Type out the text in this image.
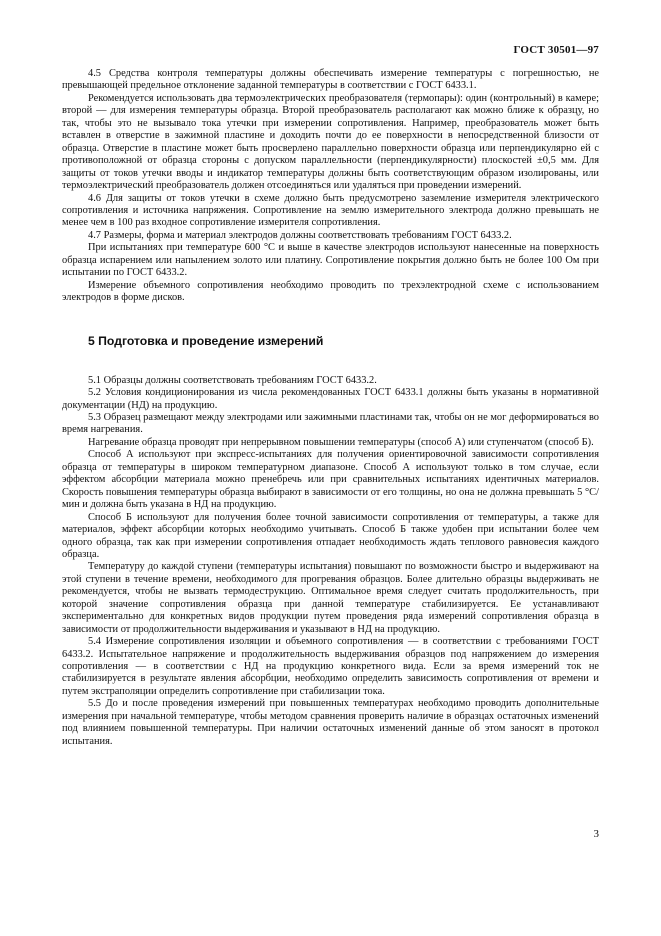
ГОСТ 30501—97

4.5 Средства контроля температуры должны обеспечивать измерение температуры с погрешностью, не превышающей предельное отклонение заданной температуры в соответствии с ГОСТ 6433.1.

Рекомендуется использовать два термоэлектрических преобразователя (термопары): один (контрольный) в камере; второй — для измерения температуры образца. Второй преобразователь располагают как можно ближе к образцу, но так, чтобы это не вызывало тока утечки при измерении сопротивления. Например, преобразователь может быть вставлен в отверстие в зажимной пластине и доходить почти до ее поверхности в непосредственной близости от образца. Отверстие в пластине может быть просверлено параллельно поверхности образца или перпендикулярно ей с противоположной от образца стороны с допуском параллельности (перпендикулярности) плоскостей ±0,5 мм. Для защиты от токов утечки вводы и индикатор температуры должны быть соответствующим образом изолированы, или термоэлектрический преобразователь должен отсоединяться или удаляться при проведении измерений.

4.6 Для защиты от токов утечки в схеме должно быть предусмотрено заземление измерителя электрического сопротивления и источника напряжения. Сопротивление на землю измерительного электрода должно превышать не менее чем в 100 раз входное сопротивление измерителя сопротивления.

4.7 Размеры, форма и материал электродов должны соответствовать требованиям ГОСТ 6433.2.

При испытаниях при температуре 600 °С и выше в качестве электродов используют нанесенные на поверхность образца испарением или напылением золото или платину. Сопротивление покрытия должно быть не более 100 Ом при испытании по ГОСТ 6433.2.

Измерение объемного сопротивления необходимо проводить по трехэлектродной схеме с использованием электродов в форме дисков.

5 Подготовка и проведение измерений

5.1 Образцы должны соответствовать требованиям ГОСТ 6433.2.

5.2 Условия кондиционирования из числа рекомендованных ГОСТ 6433.1 должны быть указаны в нормативной документации (НД) на продукцию.

5.3 Образец размещают между электродами или зажимными пластинами так, чтобы он не мог деформироваться во время нагревания.

Нагревание образца проводят при непрерывном повышении температуры (способ А) или ступенчатом (способ Б).

Способ А используют при экспресс-испытаниях для получения ориентировочной зависимости сопротивления образца от температуры в широком температурном диапазоне. Способ А используют только в том случае, если эффектом абсорбции материала можно пренебречь или при сравнительных испытаниях идентичных материалов. Скорость повышения температуры образца выбирают в зависимости от его толщины, но она не должна превышать 5 °С/мин и должна быть указана в НД на продукцию.

Способ Б используют для получения более точной зависимости сопротивления от температуры, а также для материалов, эффект абсорбции которых необходимо учитывать. Способ Б также удобен при испытании более чем одного образца, так как при измерении сопротивления отпадает необходимость ждать теплового равновесия каждого образца.

Температуру до каждой ступени (температуры испытания) повышают по возможности быстро и выдерживают на этой ступени в течение времени, необходимого для прогревания образцов. Более длительно образцы выдерживать не рекомендуется, чтобы не вызвать термодеструкцию. Оптимальное время следует считать продолжительность, при которой значение сопротивления образца при данной температуре стабилизируется. Ее устанавливают экспериментально для конкретных видов продукции путем проведения ряда измерений сопротивления образца в зависимости от продолжительности выдерживания и указывают в НД на продукцию.

5.4 Измерение сопротивления изоляции и объемного сопротивления — в соответствии с требованиями ГОСТ 6433.2. Испытательное напряжение и продолжительность выдерживания образцов под напряжением до измерения сопротивления — в соответствии с НД на продукцию конкретного вида. Если за время измерений ток не стабилизируется в результате явления абсорбции, необходимо определить зависимость сопротивления от времени и путем экстраполяции определить сопротивление при стабилизации тока.

5.5 До и после проведения измерений при повышенных температурах необходимо проводить дополнительные измерения при начальной температуре, чтобы методом сравнения проверить наличие в образцах остаточных изменений под влиянием повышенной температуры. При наличии остаточных изменений данные об этом заносят в протокол испытания.

3
